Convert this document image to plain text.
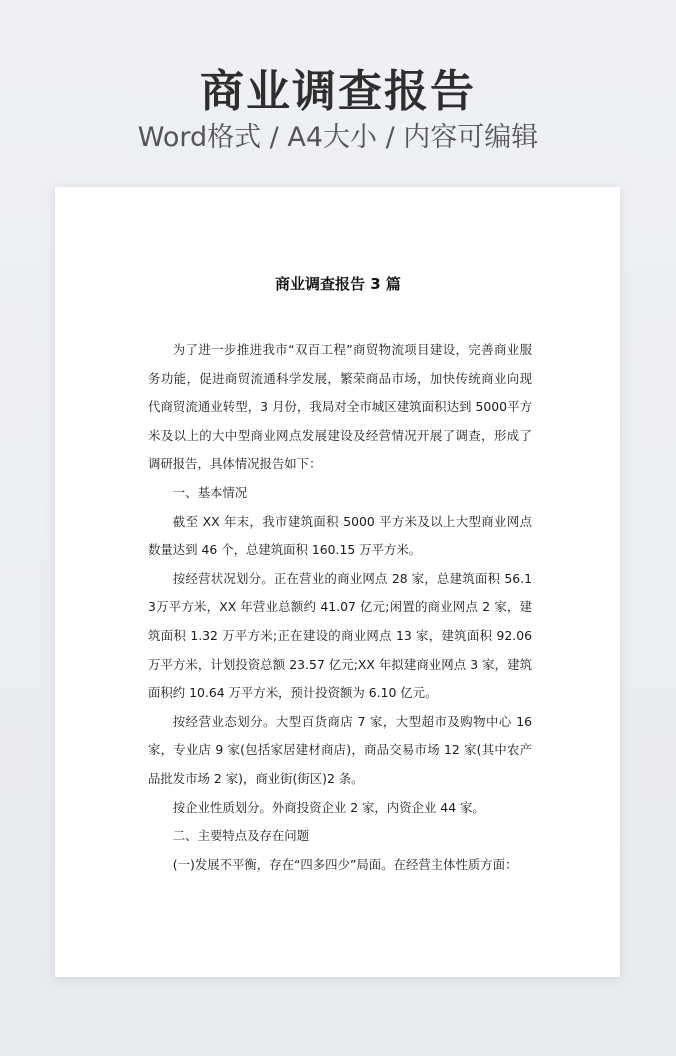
商业调查报告
Word格式 / A4大小 / 内容可编辑
商业调查报告 3 篇

为了进一步推进我市“双百工程”商贸物流项目建设，完善商业服务功能，促进商贸流通科学发展，繁荣商品市场，加快传统商业向现代商贸流通业转型，3 月份，我局对全市城区建筑面积达到 5000平方米及以上的大中型商业网点发展建设及经营情况开展了调查，形成了调研报告，具体情况报告如下：

一、基本情况

截至 XX 年末，我市建筑面积 5000 平方米及以上大型商业网点数量达到 46 个，总建筑面积 160.15 万平方米。

按经营状况划分。正在营业的商业网点 28 家，总建筑面积 56.13万平方米，XX 年营业总额约 41.07 亿元;闲置的商业网点 2 家，建筑面积 1.32 万平方米;正在建设的商业网点 13 家，建筑面积 92.06 万平方米，计划投资总额 23.57 亿元;XX 年拟建商业网点 3 家，建筑面积约 10.64 万平方米，预计投资额为 6.10 亿元。

按经营业态划分。大型百货商店 7 家，大型超市及购物中心 16家，专业店 9 家(包括家居建材商店)，商品交易市场 12 家(其中农产品批发市场 2 家)，商业街(街区)2 条。

按企业性质划分。外商投资企业 2 家，内资企业 44 家。

二、主要特点及存在问题

(一)发展不平衡，存在“四多四少”局面。在经营主体性质方面：
